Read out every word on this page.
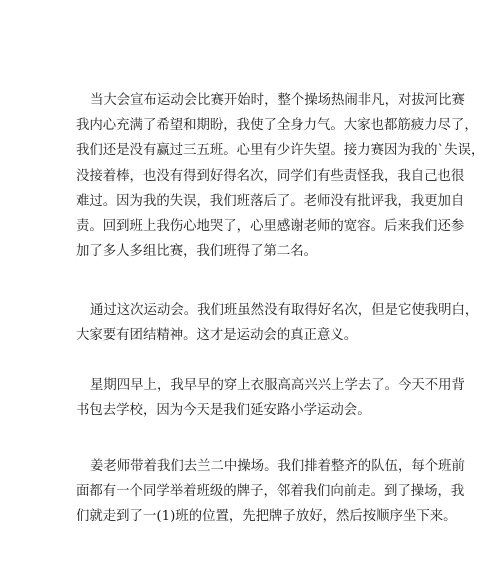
当大会宣布运动会比赛开始时，整个操场热闹非凡，对拔河比赛
我内心充满了希望和期盼，我使了全身力气。大家也都筋疲力尽了，
我们还是没有赢过三五班。心里有少许失望。接力赛因为我的`失误，
没接着棒，也没有得到好得名次，同学们有些责怪我，我自己也很
难过。因为我的失误，我们班落后了。老师没有批评我，我更加自
责。回到班上我伤心地哭了，心里感谢老师的宽容。后来我们还参
加了多人多组比赛，我们班得了第二名。
通过这次运动会。我们班虽然没有取得好名次，但是它使我明白，
大家要有团结精神。这才是运动会的真正意义。
星期四早上，我早早的穿上衣服高高兴兴上学去了。今天不用背
书包去学校，因为今天是我们延安路小学运动会。
姜老师带着我们去兰二中操场。我们排着整齐的队伍，每个班前
面都有一个同学举着班级的牌子，邻着我们向前走。到了操场，我
们就走到了一(1)班的位置，先把牌子放好，然后按顺序坐下来。
